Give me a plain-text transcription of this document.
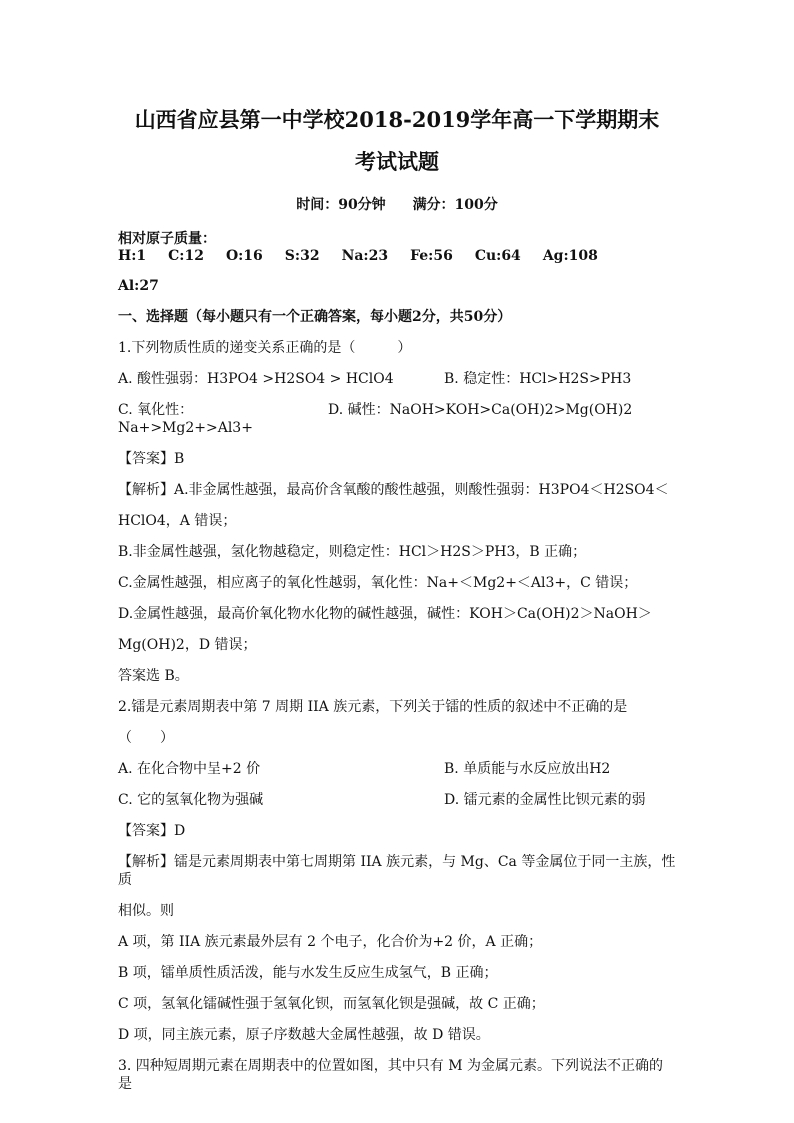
山西省应县第一中学校2018-2019学年高一下学期期末

考试试题

时间：90分钟 满分：100分
相对原子质量：H:1 C:12 O:16 S:32 Na:23 Fe:56 Cu:64 Ag:108

Al:27

一、选择题（每小题只有一个正确答案，每小题2分，共50分）

1.下列物质性质的递变关系正确的是（　　　）

A. 酸性强弱：H3PO4 >H2SO4 > HClO4	B. 稳定性：HCl>H2S>PH3
C. 氧化性：Na+>Mg2+>Al3+
D. 碱性：NaOH>KOH>Ca(OH)2>Mg(OH)2

【答案】B

【解析】A.非金属性越强，最高价含氧酸的酸性越强，则酸性强弱：H3PO4＜H2SO4＜

HClO4，A 错误；

B.非金属性越强，氢化物越稳定，则稳定性：HCl＞H2S＞PH3，B 正确；

C.金属性越强，相应离子的氧化性越弱，氧化性：Na+＜Mg2+＜Al3+，C 错误；

D.金属性越强，最高价氧化物水化物的碱性越强，碱性：KOH＞Ca(OH)2＞NaOH＞

Mg(OH)2，D 错误；

答案选 B。

2.镭是元素周期表中第 7 周期 IIA 族元素，下列关于镭的性质的叙述中不正确的是

（　　）

A. 在化合物中呈+2 价	B. 单质能与水反应放出H2
C. 它的氢氧化物为强碱	D. 镭元素的金属性比钡元素的弱

【答案】D

【解析】镭是元素周期表中第七周期第 IIA 族元素，与 Mg、Ca 等金属位于同一主族，性质

相似。则

A 项，第 IIA 族元素最外层有 2 个电子，化合价为+2 价，A 正确；

B 项，镭单质性质活泼，能与水发生反应生成氢气，B 正确；

C 项，氢氧化镭碱性强于氢氧化钡，而氢氧化钡是强碱，故 C 正确；

D 项，同主族元素，原子序数越大金属性越强，故 D 错误。

3. 四种短周期元素在周期表中的位置如图，其中只有 M 为金属元素。下列说法不正确的是
